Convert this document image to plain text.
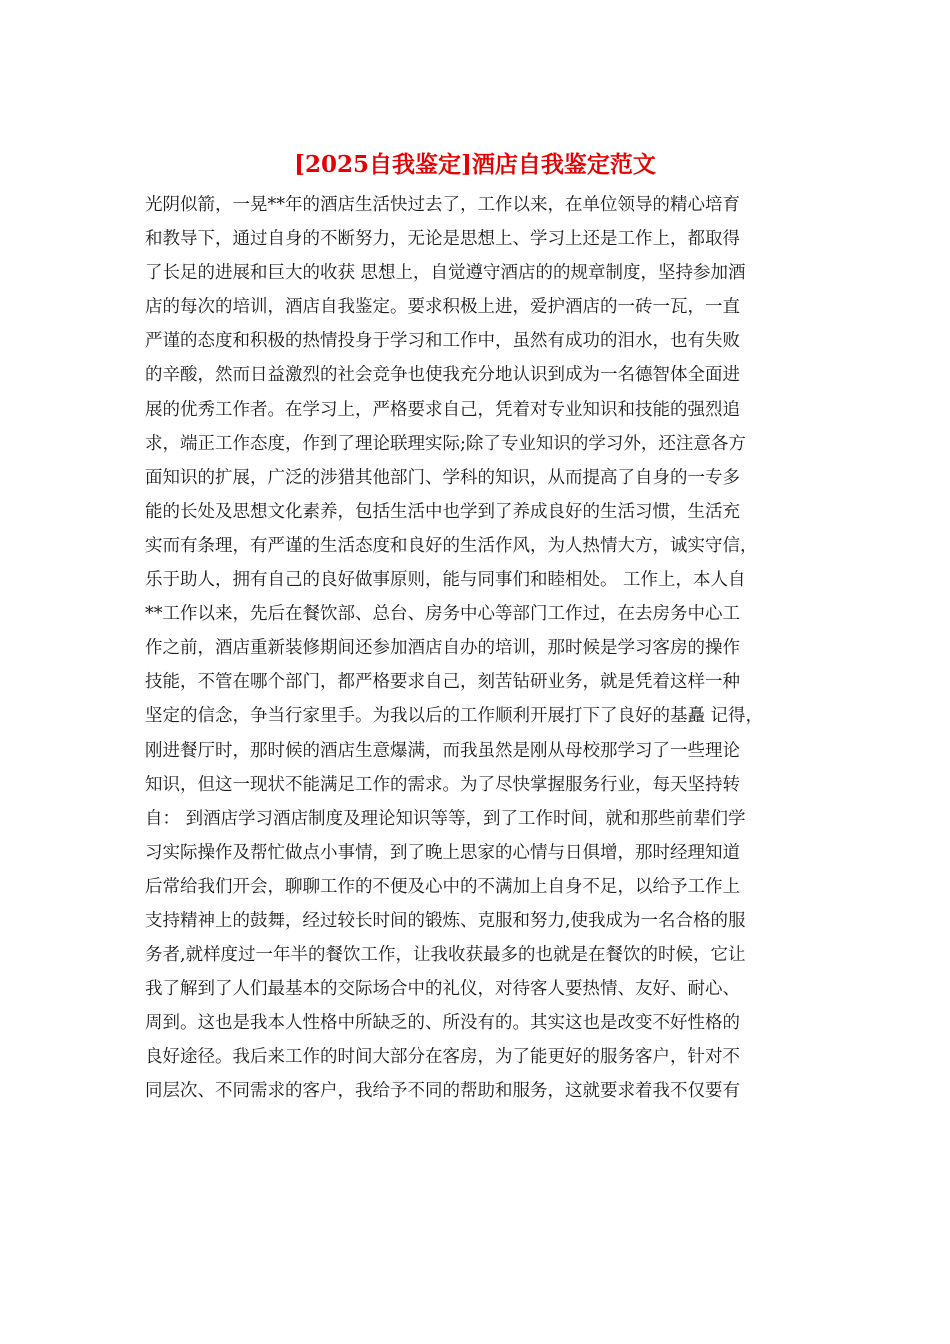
[2025自我鉴定]酒店自我鉴定范文
光阴似箭，一晃**年的酒店生活快过去了，工作以来，在单位领导的精心培育
和教导下，通过自身的不断努力，无论是思想上、学习上还是工作上，都取得
了长足的进展和巨大的收获 思想上，自觉遵守酒店的的规章制度，坚持参加酒
店的每次的培训，酒店自我鉴定。要求积极上进，爱护酒店的一砖一瓦，一直
严谨的态度和积极的热情投身于学习和工作中，虽然有成功的泪水，也有失败
的辛酸，然而日益激烈的社会竞争也使我充分地认识到成为一名德智体全面进
展的优秀工作者。在学习上，严格要求自己，凭着对专业知识和技能的强烈追
求，端正工作态度，作到了理论联理实际;除了专业知识的学习外，还注意各方
面知识的扩展，广泛的涉猎其他部门、学科的知识，从而提高了自身的一专多
能的长处及思想文化素养，包括生活中也学到了养成良好的生活习惯，生活充
实而有条理，有严谨的生活态度和良好的生活作风，为人热情大方，诚实守信，
乐于助人，拥有自己的良好做事原则，能与同事们和睦相处。 工作上，本人自
**工作以来，先后在餐饮部、总台、房务中心等部门工作过，在去房务中心工
作之前，酒店重新装修期间还参加酒店自办的培训，那时候是学习客房的操作
技能，不管在哪个部门，都严格要求自己，刻苦钻研业务，就是凭着这样一种
坚定的信念，争当行家里手。为我以后的工作顺利开展打下了良好的基矗 记得，
刚进餐厅时，那时候的酒店生意爆满，而我虽然是刚从母校那学习了一些理论
知识，但这一现状不能满足工作的需求。为了尽快掌握服务行业，每天坚持转
自： 到酒店学习酒店制度及理论知识等等，到了工作时间，就和那些前辈们学
习实际操作及帮忙做点小事情，到了晚上思家的心情与日俱增，那时经理知道
后常给我们开会，聊聊工作的不便及心中的不满加上自身不足，以给予工作上
支持精神上的鼓舞，经过较长时间的锻炼、克服和努力,使我成为一名合格的服
务者,就样度过一年半的餐饮工作，让我收获最多的也就是在餐饮的时候，它让
我了解到了人们最基本的交际场合中的礼仪，对待客人要热情、友好、耐心、
周到。这也是我本人性格中所缺乏的、所没有的。其实这也是改变不好性格的
良好途径。我后来工作的时间大部分在客房，为了能更好的服务客户，针对不
同层次、不同需求的客户，我给予不同的帮助和服务，这就要求着我不仅要有
